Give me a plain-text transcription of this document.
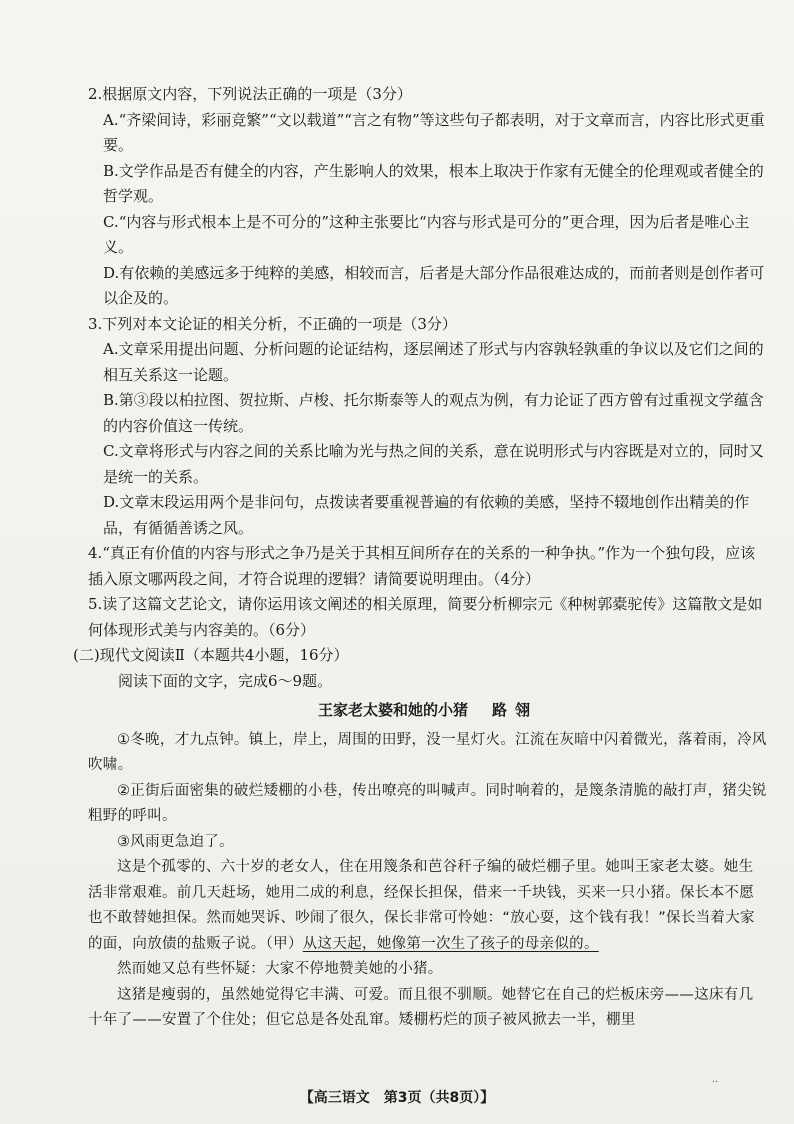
2.根据原文内容，下列说法正确的一项是（3分）

A.“齐梁间诗，彩丽竞繁”“文以载道”“言之有物”等这些句子都表明，对于文章而言，内容比形式更重要。

B.文学作品是否有健全的内容，产生影响人的效果，根本上取决于作家有无健全的伦理观或者健全的哲学观。

C.“内容与形式根本上是不可分的”这种主张要比“内容与形式是可分的”更合理，因为后者是唯心主义。

D.有依赖的美感远多于纯粹的美感，相较而言，后者是大部分作品很难达成的，而前者则是创作者可以企及的。

3.下列对本文论证的相关分析，不正确的一项是（3分）

A.文章采用提出问题、分析问题的论证结构，逐层阐述了形式与内容孰轻孰重的争议以及它们之间的相互关系这一论题。

B.第③段以柏拉图、贺拉斯、卢梭、托尔斯泰等人的观点为例，有力论证了西方曾有过重视文学蕴含的内容价值这一传统。

C.文章将形式与内容之间的关系比喻为光与热之间的关系，意在说明形式与内容既是对立的，同时又是统一的关系。

D.文章末段运用两个是非问句，点拨读者要重视普遍的有依赖的美感，坚持不辍地创作出精美的作品，有循循善诱之风。

4.“真正有价值的内容与形式之争乃是关于其相互间所存在的关系的一种争执。”作为一个独句段，应该插入原文哪两段之间，才符合说理的逻辑？请简要说明理由。（4分）

5.读了这篇文艺论文，请你运用该文阐述的相关原理，简要分析柳宗元《种树郭橐驼传》这篇散文是如何体现形式美与内容美的。（6分）

(二)现代文阅读Ⅱ（本题共4小题，16分）

阅读下面的文字，完成6～9题。

王家老太婆和她的小猪 路翎

①冬晚，才九点钟。镇上，岸上，周围的田野，没一星灯火。江流在灰暗中闪着微光，落着雨，冷风吹啸。

②正街后面密集的破烂矮棚的小巷，传出嘹亮的叫喊声。同时响着的，是篾条清脆的敲打声，猪尖锐粗野的呼叫。

③风雨更急迫了。

这是个孤零的、六十岁的老女人，住在用篾条和芭谷秆子编的破烂棚子里。她叫王家老太婆。她生活非常艰难。前几天赶场，她用二成的利息，经保长担保，借来一千块钱，买来一只小猪。保长本不愿也不敢替她担保。然而她哭诉、吵闹了很久，保长非常可怜她：“放心耍，这个钱有我！”保长当着大家的面，向放债的盐贩子说。（甲）从这天起，她像第一次生了孩子的母亲似的。

然而她又总有些怀疑：大家不停地赞美她的小猪。

这猪是瘦弱的，虽然她觉得它丰满、可爱。而且很不驯顺。她替它在自己的烂板床旁——这床有几十年了——安置了个住处；但它总是各处乱窜。矮棚朽烂的顶子被风掀去一半，棚里

..
【高三语文　第3页（共8页）】
